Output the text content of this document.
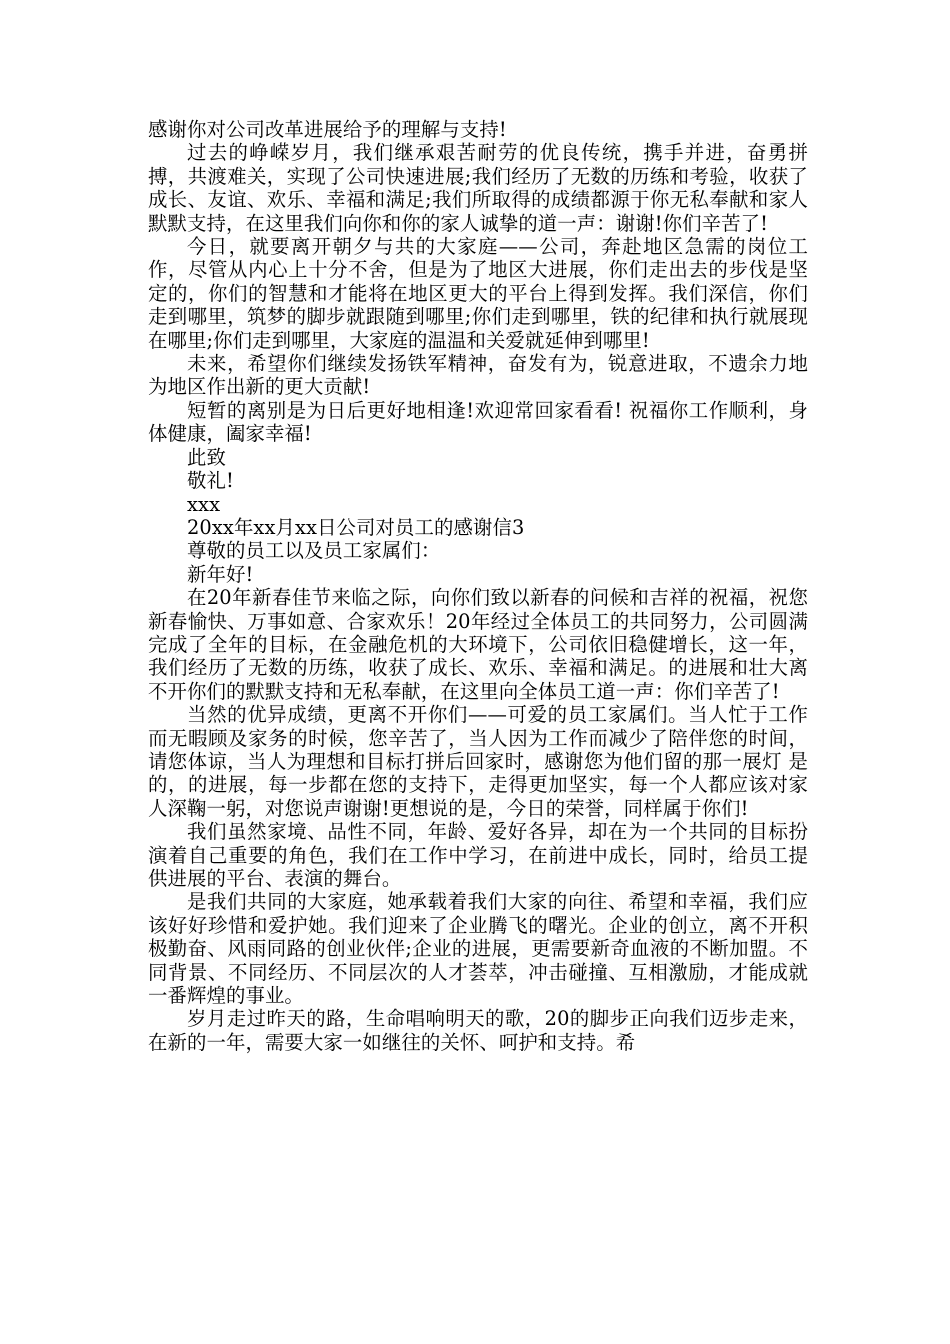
感谢你对公司改革进展给予的理解与支持!

过去的峥嵘岁月，我们继承艰苦耐劳的优良传统，携手并进，奋勇拼搏，共渡难关，实现了公司快速进展;我们经历了无数的历练和考验，收获了成长、友谊、欢乐、幸福和满足;我们所取得的成绩都源于你无私奉献和家人默默支持，在这里我们向你和你的家人诚挚的道一声：谢谢!你们辛苦了!

今日，就要离开朝夕与共的大家庭——公司，奔赴地区急需的岗位工作，尽管从内心上十分不舍，但是为了地区大进展，你们走出去的步伐是坚定的，你们的智慧和才能将在地区更大的平台上得到发挥。我们深信，你们走到哪里，筑梦的脚步就跟随到哪里;你们走到哪里，铁的纪律和执行就展现在哪里;你们走到哪里，大家庭的温温和关爱就延伸到哪里!

未来，希望你们继续发扬铁军精神，奋发有为，锐意进取，不遗余力地为地区作出新的更大贡献!

短暂的离别是为日后更好地相逢!欢迎常回家看看! 祝福你工作顺利，身体健康，阖家幸福!

此致

敬礼!

xxx

20xx年xx月xx日公司对员工的感谢信3

尊敬的员工以及员工家属们：

新年好!

在20年新春佳节来临之际，向你们致以新春的问候和吉祥的祝福，祝您新春愉快、万事如意、合家欢乐！20年经过全体员工的共同努力，公司圆满完成了全年的目标，在金融危机的大环境下，公司依旧稳健增长，这一年，我们经历了无数的历练，收获了成长、欢乐、幸福和满足。的进展和壮大离不开你们的默默支持和无私奉献，在这里向全体员工道一声：你们辛苦了!

当然的优异成绩，更离不开你们——可爱的员工家属们。当人忙于工作而无暇顾及家务的时候，您辛苦了，当人因为工作而减少了陪伴您的时间，请您体谅，当人为理想和目标打拼后回家时，感谢您为他们留的那一展灯 是的，的进展，每一步都在您的支持下，走得更加坚实，每一个人都应该对家人深鞠一躬，对您说声谢谢!更想说的是，今日的荣誉，同样属于你们!

我们虽然家境、品性不同，年龄、爱好各异，却在为一个共同的目标扮演着自己重要的角色，我们在工作中学习，在前进中成长，同时，给员工提供进展的平台、表演的舞台。

是我们共同的大家庭，她承载着我们大家的向往、希望和幸福，我们应该好好珍惜和爱护她。我们迎来了企业腾飞的曙光。企业的创立，离不开积极勤奋、风雨同路的创业伙伴;企业的进展，更需要新奇血液的不断加盟。不同背景、不同经历、不同层次的人才荟萃，冲击碰撞、互相激励，才能成就一番辉煌的事业。

岁月走过昨天的路，生命唱响明天的歌，20的脚步正向我们迈步走来，在新的一年，需要大家一如继往的关怀、呵护和支持。希
